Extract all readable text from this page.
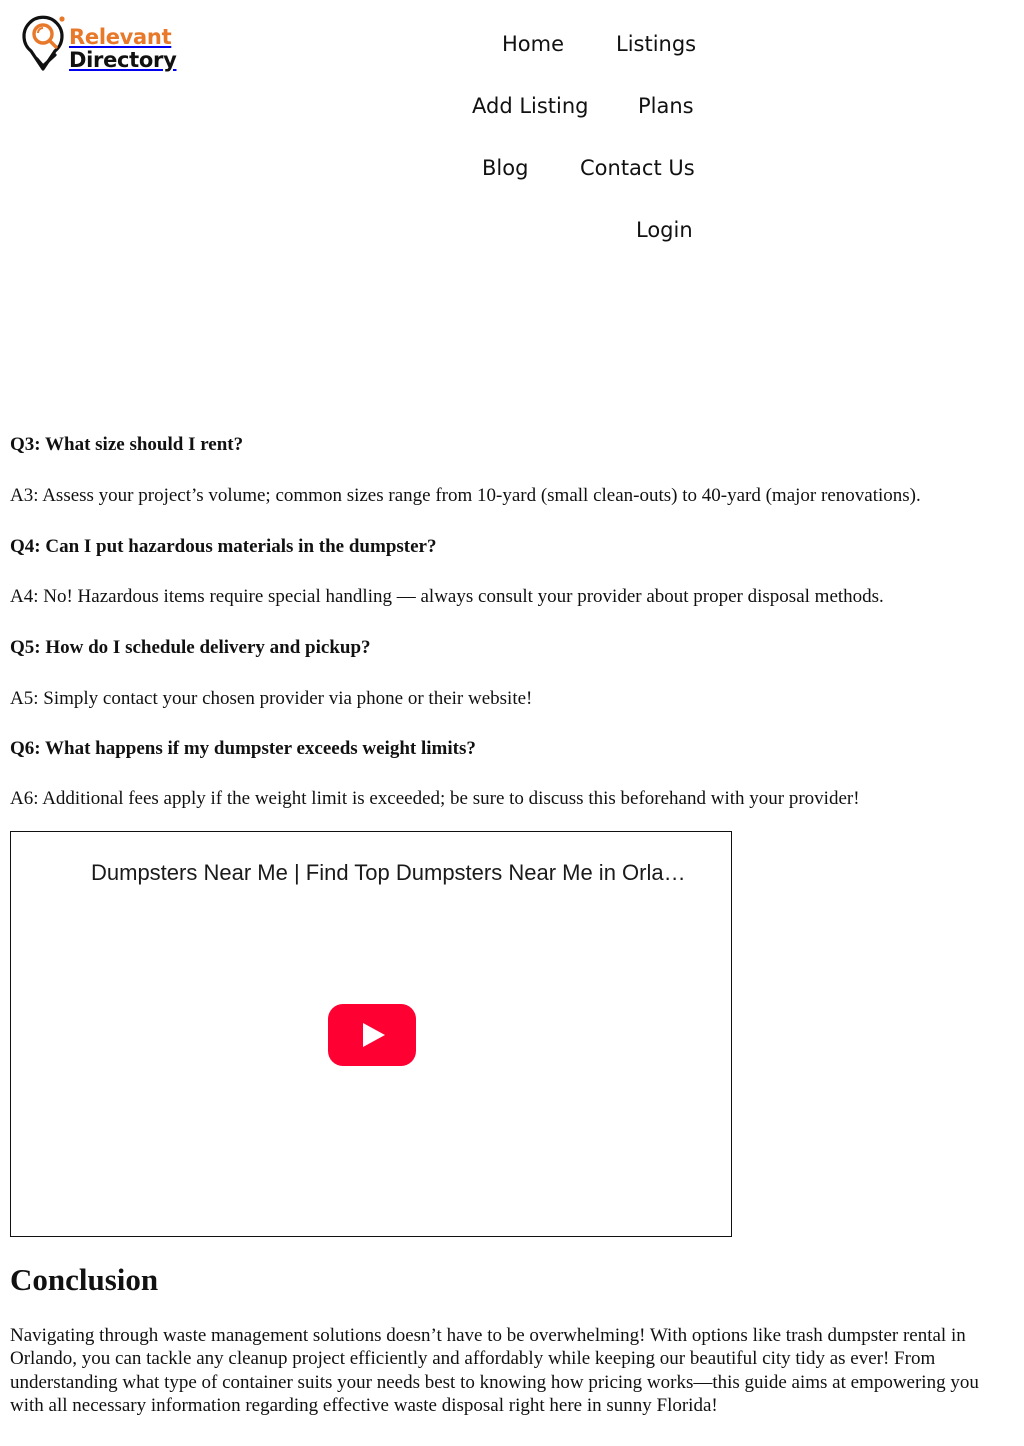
Relevant
Directory
Home Listings
Add Listing Plans
Blog Contact Us
Login

Q3: What size should I rent?

A3: Assess your project’s volume; common sizes range from 10-yard (small clean-outs) to 40-yard (major renovations).

Q4: Can I put hazardous materials in the dumpster?

A4: No! Hazardous items require special handling — always consult your provider about proper disposal methods.

Q5: How do I schedule delivery and pickup?

A5: Simply contact your chosen provider via phone or their website!

Q6: What happens if my dumpster exceeds weight limits?

A6: Additional fees apply if the weight limit is exceeded; be sure to discuss this beforehand with your provider!

Dumpsters Near Me | Find Top Dumpsters Near Me in Orla…
Conclusion

Navigating through waste management solutions doesn’t have to be overwhelming! With options like trash dumpster rental in Orlando, you can tackle any cleanup project efficiently and affordably while keeping our beautiful city tidy as ever! From understanding what type of container suits your needs best to knowing how pricing works—this guide aims at empowering you with all necessary information regarding effective waste disposal right here in sunny Florida!
